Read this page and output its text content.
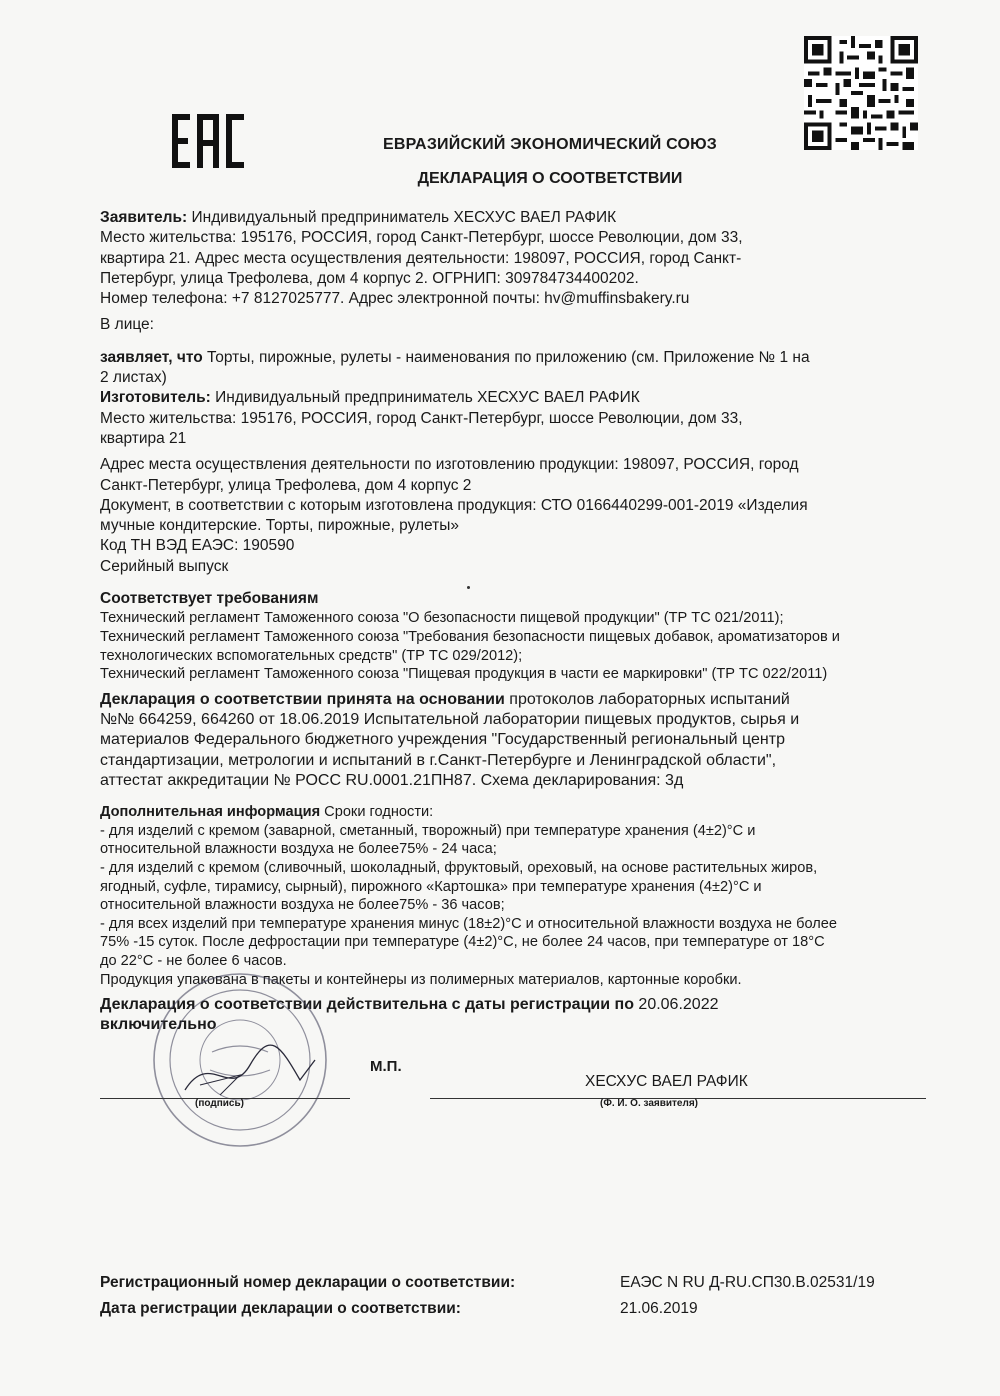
ЕВРАЗИЙСКИЙ ЭКОНОМИЧЕСКИЙ СОЮЗ
ДЕКЛАРАЦИЯ О СООТВЕТСТВИИ

Заявитель: Индивидуальный предприниматель ХЕСХУС ВАЕЛ РАФИК

Место жительства: 195176, РОССИЯ, город Санкт-Петербург, шоссе Революции, дом 33,

квартира 21. Адрес места осуществления деятельности: 198097, РОССИЯ, город Санкт-

Петербург, улица Трефолева, дом 4 корпус 2. ОГРНИП: 309784734400202.

Номер телефона: +7 8127025777. Адрес электронной почты: hv@muffinsbakery.ru

В лице:

заявляет, что Торты, пирожные, рулеты - наименования по приложению (см. Приложение № 1 на

2 листах)

Изготовитель: Индивидуальный предприниматель ХЕСХУС ВАЕЛ РАФИК

Место жительства: 195176, РОССИЯ, город Санкт-Петербург, шоссе Революции, дом 33,

квартира 21

Адрес места осуществления деятельности по изготовлению продукции: 198097, РОССИЯ, город

Санкт-Петербург, улица Трефолева, дом 4 корпус 2

Документ, в соответствии с которым изготовлена продукция: СТО 0166440299-001-2019 «Изделия

мучные кондитерские. Торты, пирожные, рулеты»

Код ТН ВЭД ЕАЭС: 190590

Серийный выпуск

Соответствует требованиям

Технический регламент Таможенного союза "О безопасности пищевой продукции" (ТР ТС 021/2011);

Технический регламент Таможенного союза "Требования безопасности пищевых добавок, ароматизаторов и

технологических вспомогательных средств" (ТР ТС 029/2012);

Технический регламент Таможенного союза "Пищевая продукция в части ее маркировки" (ТР ТС 022/2011)

Декларация о соответствии принята на основании протоколов лабораторных испытаний

№№ 664259, 664260 от 18.06.2019 Испытательной лаборатории пищевых продуктов, сырья и

материалов Федерального бюджетного учреждения "Государственный региональный центр

стандартизации, метрологии и испытаний в г.Санкт-Петербурге и Ленинградской области",

аттестат аккредитации № РОСС RU.0001.21ПН87. Схема декларирования: 3д

Дополнительная информация Сроки годности:

- для изделий с кремом (заварной, сметанный, творожный) при температуре хранения (4±2)°С и

относительной влажности воздуха не более75% - 24 часа;

- для изделий с кремом (сливочный, шоколадный, фруктовый, ореховый, на основе растительных жиров,

ягодный, суфле, тирамису, сырный), пирожного «Картошка» при температуре хранения (4±2)°С и

относительной влажности воздуха не более75% - 36 часов;

- для всех изделий при температуре хранения минус (18±2)°С и относительной влажности воздуха не более

75% -15 суток. После дефростации при температуре (4±2)°С, не более 24 часов, при температуре от 18°С

до 22°С - не более 6 часов.

Продукция упакована в пакеты и контейнеры из полимерных материалов, картонные коробки.

Декларация о соответствии действительна с даты регистрации по 20.06.2022

включительно

М.П.
(подпись)
ХЕСХУС ВАЕЛ РАФИК
(Ф. И. О. заявителя)
Регистрационный номер декларации о соответствии:	ЕАЭС N RU Д-RU.СП30.В.02531/19
Дата регистрации декларации о соответствии:	21.06.2019
